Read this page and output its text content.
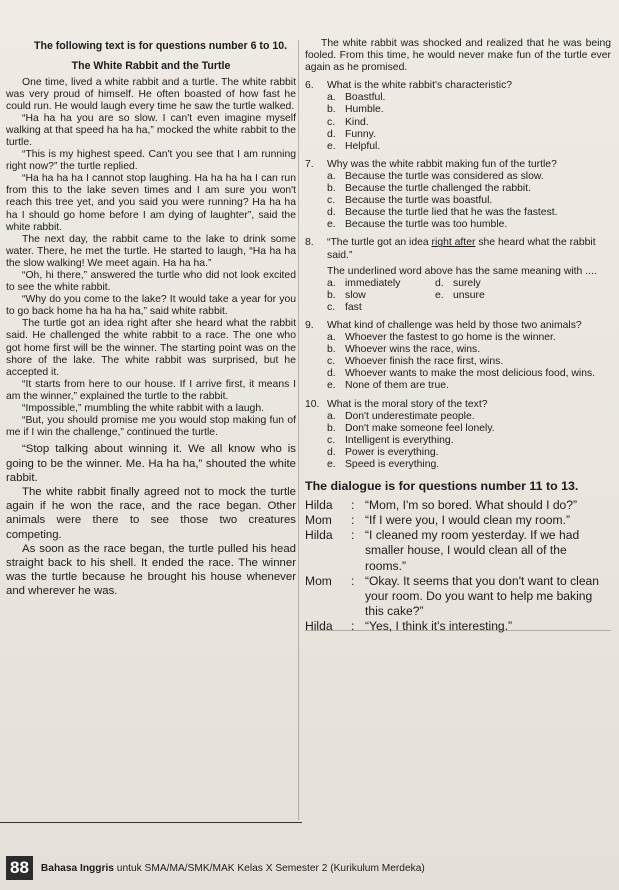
The following text is for questions number 6 to 10.

The White Rabbit and the Turtle

One time, lived a white rabbit and a turtle. The white rabbit was very proud of himself. He often boasted of how fast he could run. He would laugh every time he saw the turtle walked.

“Ha ha ha you are so slow. I can't even imagine myself walking at that speed ha ha ha,” mocked the white rabbit to the turtle.

“This is my highest speed. Can't you see that I am running right now?” the turtle replied.

“Ha ha ha ha I cannot stop laughing. Ha ha ha ha I can run from this to the lake seven times and I am sure you won't reach this tree yet, and you said you were running? Ha ha ha ha I should go home before I am dying of laughter”, said the white rabbit.

The next day, the rabbit came to the lake to drink some water. There, he met the turtle. He started to laugh, “Ha ha ha the slow walking! We meet again. Ha ha ha.”

“Oh, hi there,” answered the turtle who did not look excited to see the white rabbit.

“Why do you come to the lake? It would take a year for you to go back home ha ha ha ha,” said white rabbit.

The turtle got an idea right after she heard what the rabbit said. He challenged the white rabbit to a race. The one who got home first will be the winner. The starting point was on the shore of the lake. The white rabbit was surprised, but he accepted it.

“It starts from here to our house. If I arrive first, it means I am the winner,” explained the turtle to the rabbit.

“Impossible,” mumbling the white rabbit with a laugh.

“But, you should promise me you would stop making fun of me if I win the challenge,” continued the turtle.

“Stop talking about winning it. We all know who is going to be the winner. Me. Ha ha ha,” shouted the white rabbit.

The white rabbit finally agreed not to mock the turtle again if he won the race, and the race began. Other animals were there to see those two creatures competing.

As soon as the race began, the turtle pulled his head straight back to his shell. It ended the race. The winner was the turtle because he brought his house whenever and wherever he was.

The white rabbit was shocked and realized that he was being fooled. From this time, he would never make fun of the turtle ever again as he promised.

6.	What is the white rabbit's characteristic?
a. Boastful.
b. Humble.
c. Kind.
d. Funny.
e. Helpful.
7.	Why was the white rabbit making fun of the turtle?
a. Because the turtle was considered as slow.
b. Because the turtle challenged the rabbit.
c. Because the turtle was boastful.
d. Because the turtle lied that he was the fastest.
e. Because the turtle was too humble.
8.	“The turtle got an idea right after she heard what the rabbit said.”
The underlined word above has the same meaning with ....
a. immediately	d. surely
b. slow	e. unsure
c. fast
9.	What kind of challenge was held by those two animals?
a. Whoever the fastest to go home is the winner.
b. Whoever wins the race, wins.
c. Whoever finish the race first, wins.
d. Whoever wants to make the most delicious food, wins.
e. None of them are true.
10. What is the moral story of the text?
a. Don't underestimate people.
b. Don't make someone feel lonely.
c. Intelligent is everything.
d. Power is everything.
e. Speed is everything.

The dialogue is for questions number 11 to 13.

Hilda	: “Mom, I'm so bored. What should I do?”
Mom	: “If I were you, I would clean my room.”
Hilda	: “I cleaned my room yesterday. If we had smaller house, I would clean all of the rooms.”
Mom	: “Okay. It seems that you don't want to clean your room. Do you want to help me baking this cake?”
Hilda	: “Yes, I think it's interesting.”
88	Bahasa Inggris untuk SMA/MA/SMK/MAK Kelas X Semester 2 (Kurikulum Merdeka)
